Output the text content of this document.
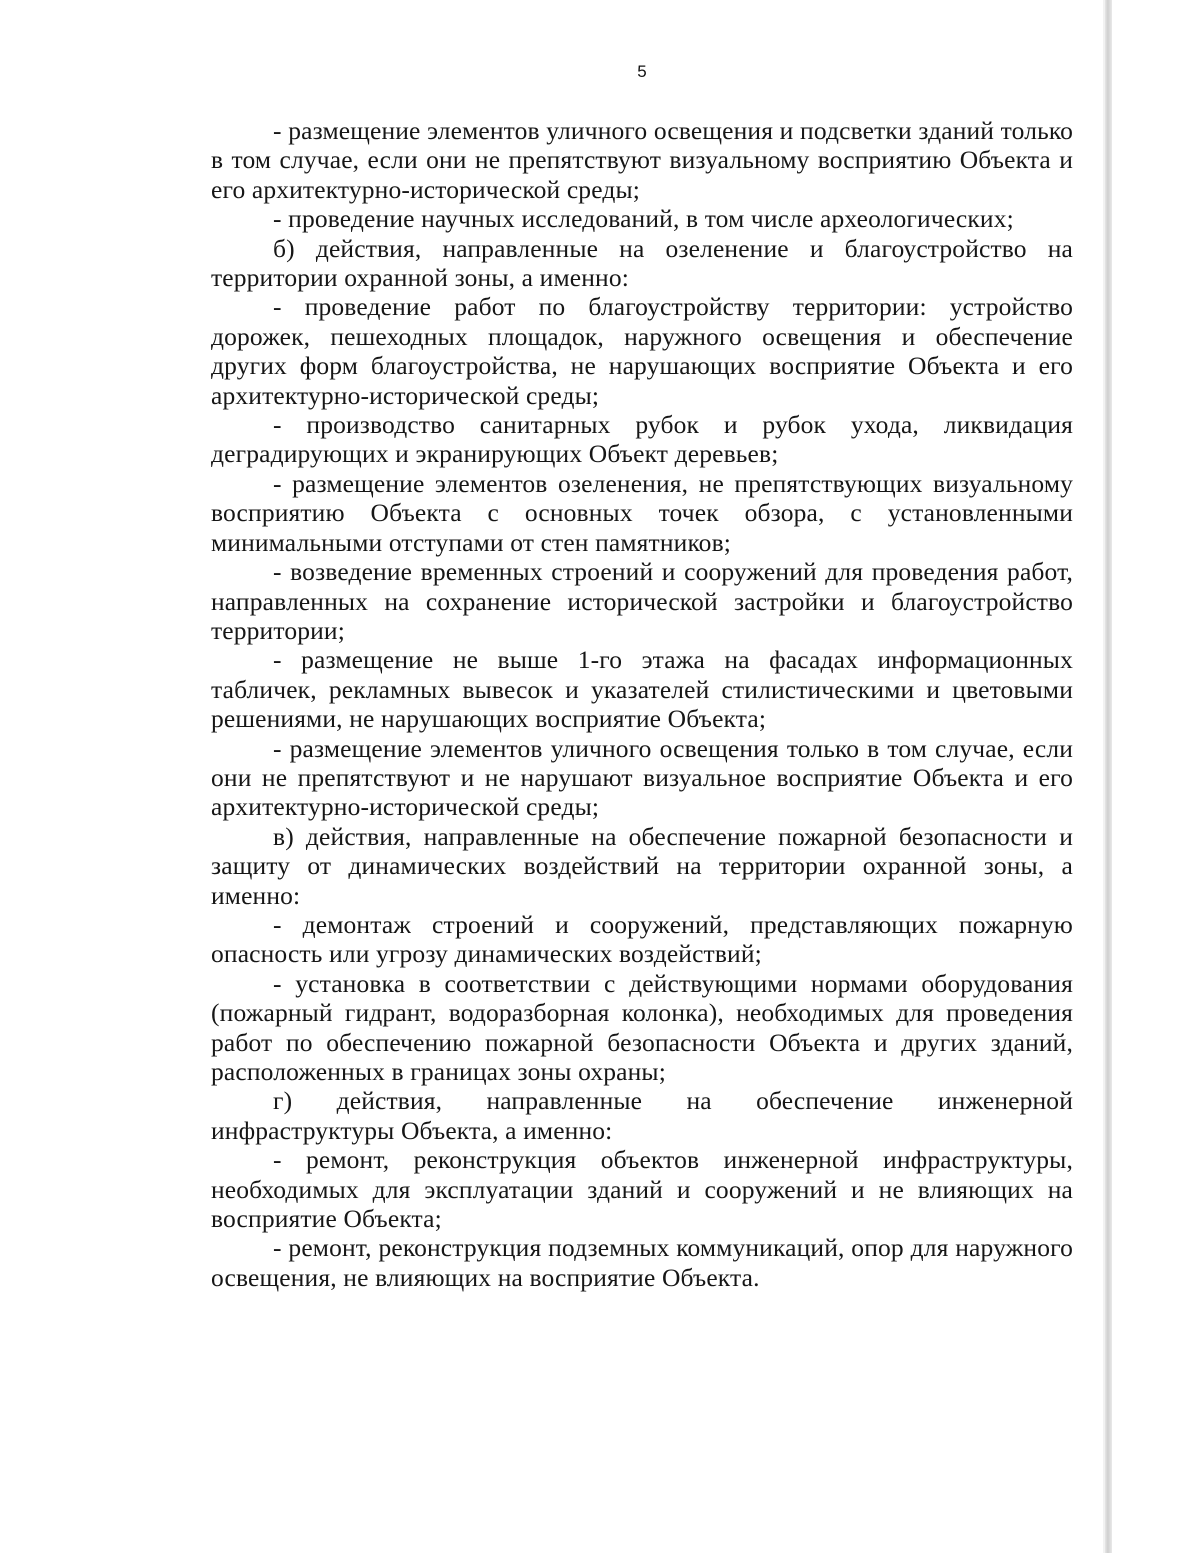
5

- размещение элементов уличного освещения и подсветки зданий только в том случае, если они не препятствуют визуальному восприятию Объекта и его архитектурно-исторической среды;

- проведение научных исследований, в том числе археологических;

б) действия, направленные на озеленение и благоустройство на территории охранной зоны, а именно:

- проведение работ по благоустройству территории: устройство дорожек, пешеходных площадок, наружного освещения и обеспечение других форм благоустройства, не нарушающих восприятие Объекта и его архитектурно-исторической среды;

- производство санитарных рубок и рубок ухода, ликвидация деградирующих и экранирующих Объект деревьев;

- размещение элементов озеленения, не препятствующих визуальному восприятию Объекта с основных точек обзора, с установленными минимальными отступами от стен памятников;

- возведение временных строений и сооружений для проведения работ, направленных на сохранение исторической застройки и благоустройство территории;

- размещение не выше 1-го этажа на фасадах информационных табличек, рекламных вывесок и указателей стилистическими и цветовыми решениями, не нарушающих восприятие Объекта;

- размещение элементов уличного освещения только в том случае, если они не препятствуют и не нарушают визуальное восприятие Объекта и его архитектурно-исторической среды;

в) действия, направленные на обеспечение пожарной безопасности и защиту от динамических воздействий на территории охранной зоны, а именно:

- демонтаж строений и сооружений, представляющих пожарную опасность или угрозу динамических воздействий;

- установка в соответствии с действующими нормами оборудования (пожарный гидрант, водоразборная колонка), необходимых для проведения работ по обеспечению пожарной безопасности Объекта и других зданий, расположенных в границах зоны охраны;

г) действия, направленные на обеспечение инженерной инфраструктуры Объекта, а именно:

- ремонт, реконструкция объектов инженерной инфраструктуры, необходимых для эксплуатации зданий и сооружений и не влияющих на восприятие Объекта;

- ремонт, реконструкция подземных коммуникаций, опор для наружного освещения, не влияющих на восприятие Объекта.
